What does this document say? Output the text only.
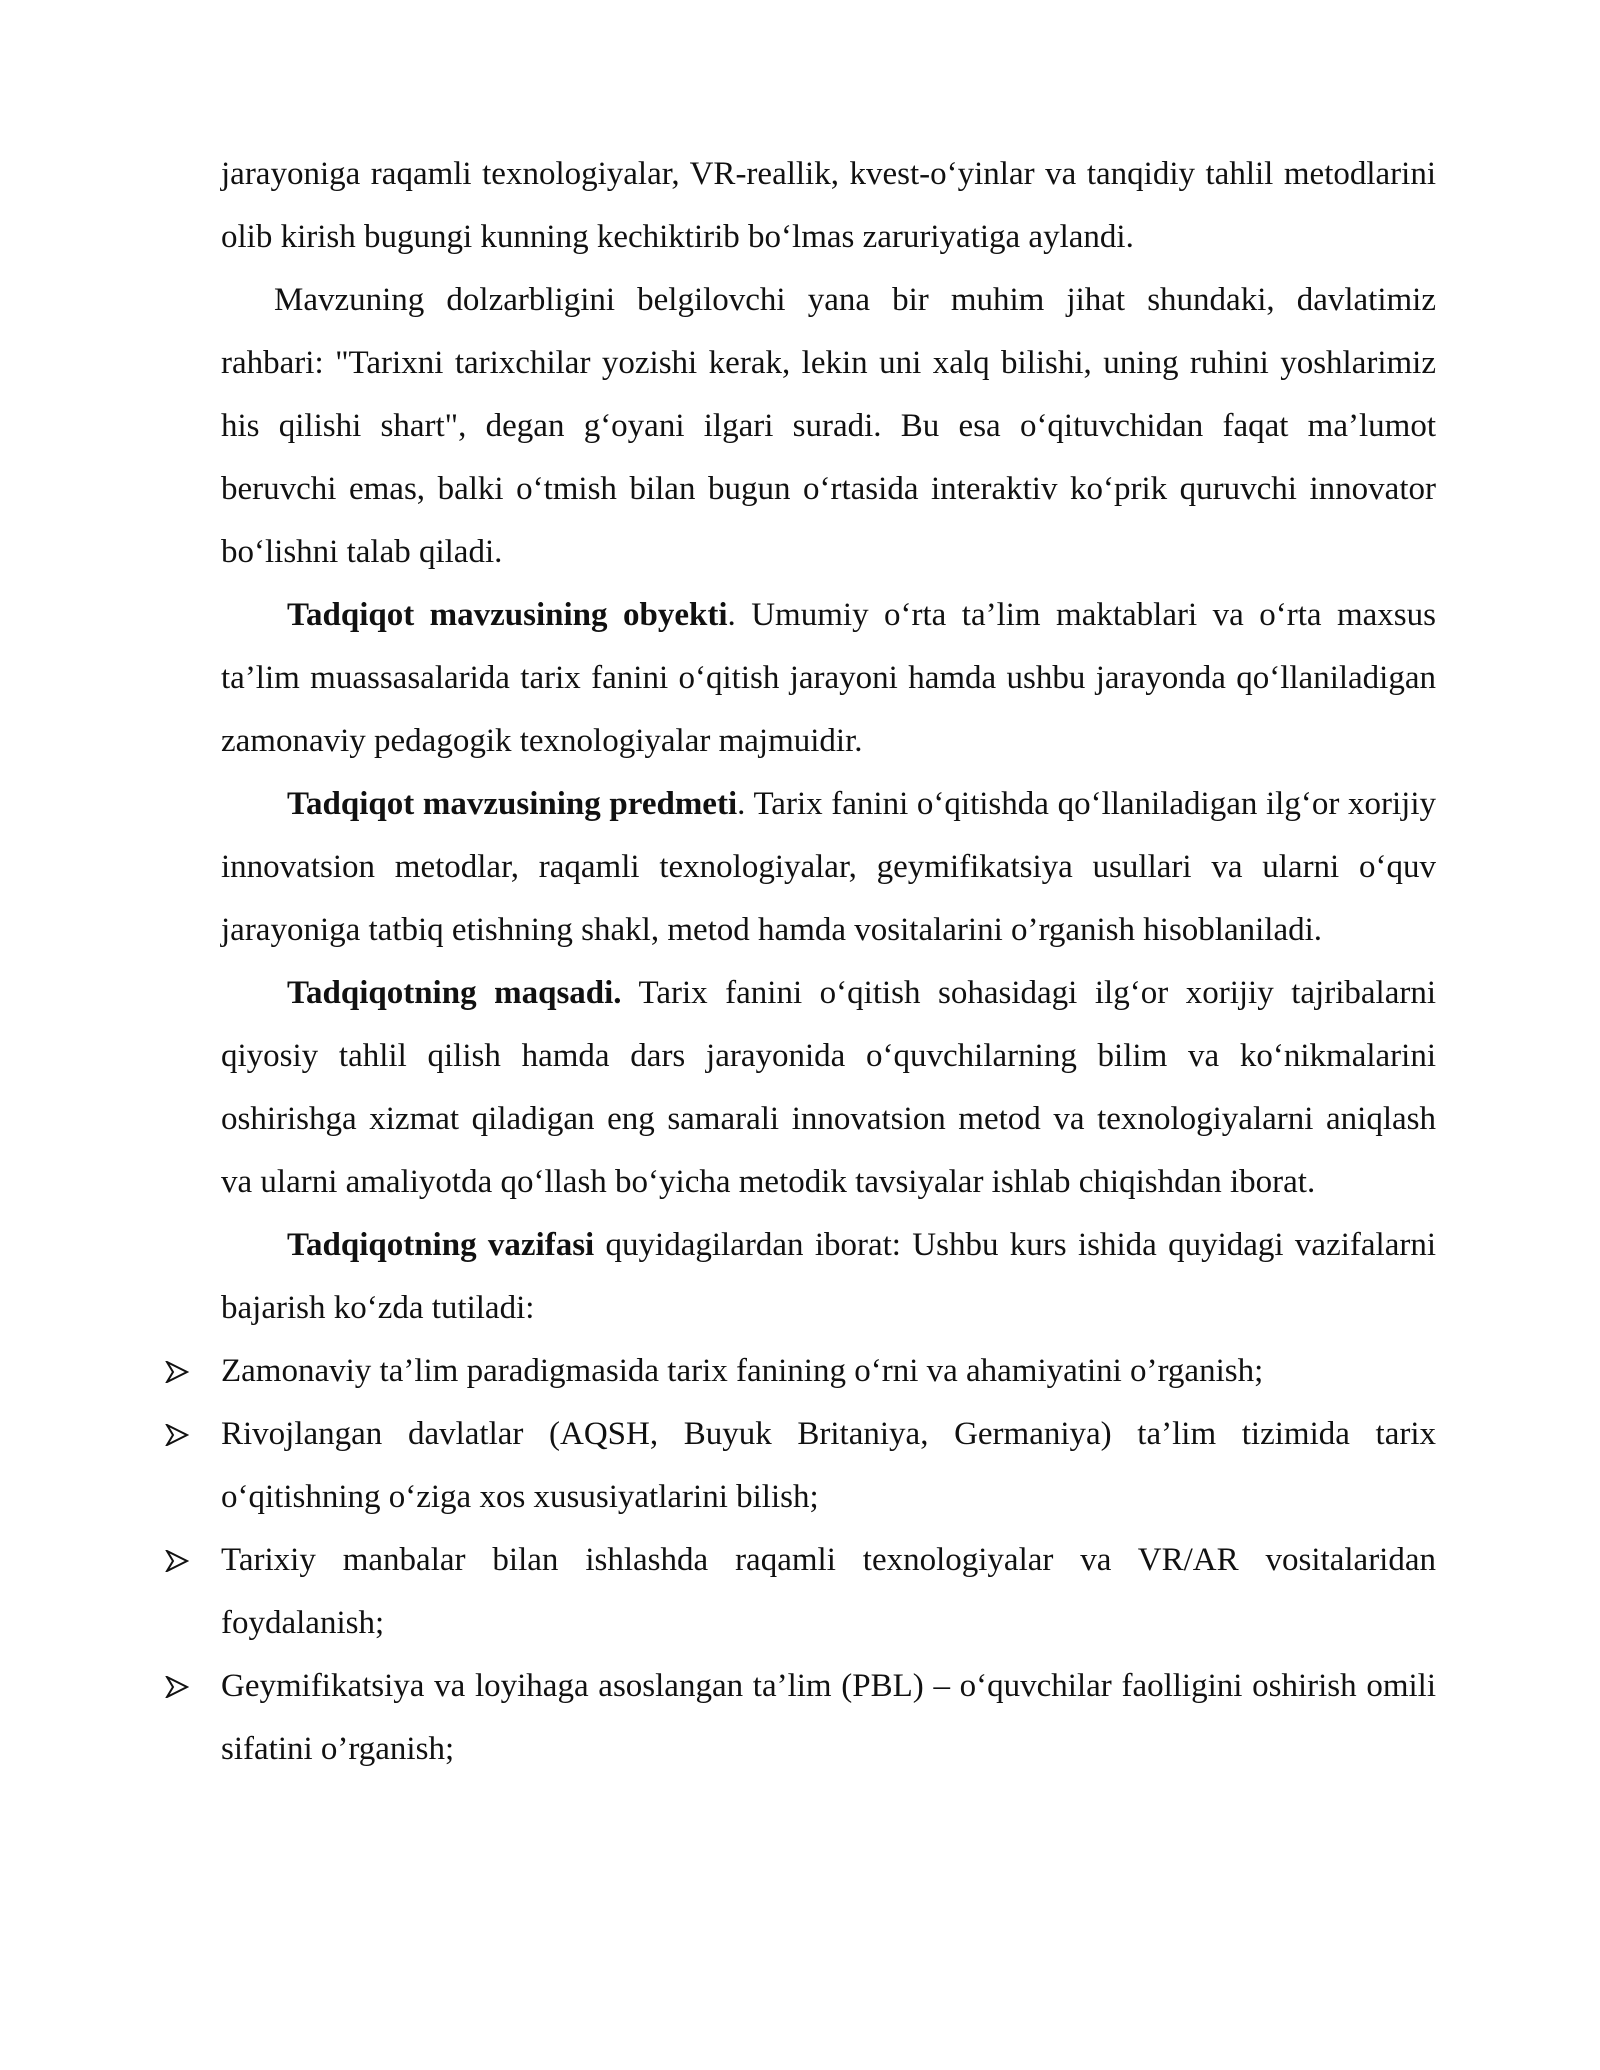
jarayoniga raqamli texnologiyalar, VR-reallik, kvest-o‘yinlar va tanqidiy tahlil metodlarini olib kirish bugungi kunning kechiktirib bo‘lmas zaruriyatiga aylandi.

Mavzuning dolzarbligini belgilovchi yana bir muhim jihat shundaki, davlatimiz rahbari: "Tarixni tarixchilar yozishi kerak, lekin uni xalq bilishi, uning ruhini yoshlarimiz his qilishi shart", degan g‘oyani ilgari suradi. Bu esa o‘qituvchidan faqat ma’lumot beruvchi emas, balki o‘tmish bilan bugun o‘rtasida interaktiv ko‘prik quruvchi innovator bo‘lishni talab qiladi.

Tadqiqot mavzusining obyekti. Umumiy o‘rta ta’lim maktablari va o‘rta maxsus ta’lim muassasalarida tarix fanini o‘qitish jarayoni hamda ushbu jarayonda qo‘llaniladigan zamonaviy pedagogik texnologiyalar majmuidir.

Tadqiqot mavzusining predmeti. Tarix fanini o‘qitishda qo‘llaniladigan ilg‘or xorijiy innovatsion metodlar, raqamli texnologiyalar, geymifikatsiya usullari va ularni o‘quv jarayoniga tatbiq etishning shakl, metod hamda vositalarini o’rganish hisoblaniladi.

Tadqiqotning maqsadi. Tarix fanini o‘qitish sohasidagi ilg‘or xorijiy tajribalarni qiyosiy tahlil qilish hamda dars jarayonida o‘quvchilarning bilim va ko‘nikmalarini oshirishga xizmat qiladigan eng samarali innovatsion metod va texnologiyalarni aniqlash va ularni amaliyotda qo‘llash bo‘yicha metodik tavsiyalar ishlab chiqishdan iborat.

Tadqiqotning vazifasi quyidagilardan iborat: Ushbu kurs ishida quyidagi vazifalarni bajarish ko‘zda tutiladi:

Zamonaviy ta’lim paradigmasida tarix fanining o‘rni va ahamiyatini o’rganish;
Rivojlangan davlatlar (AQSH, Buyuk Britaniya, Germaniya) ta’lim tizimida tarix o‘qitishning o‘ziga xos xususiyatlarini bilish;
Tarixiy manbalar bilan ishlashda raqamli texnologiyalar va VR/AR vositalaridan foydalanish;
Geymifikatsiya va loyihaga asoslangan ta’lim (PBL) – o‘quvchilar faolligini oshirish omili sifatini o’rganish;
